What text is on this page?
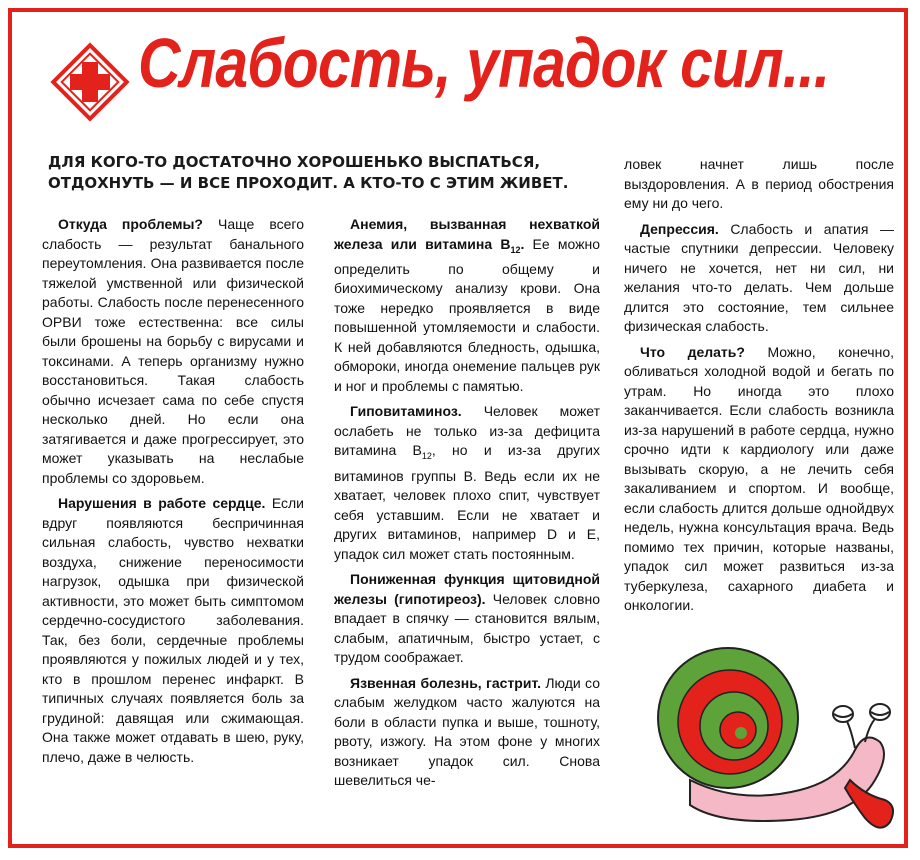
Слабость, упадок сил...

ДЛЯ КОГО-ТО ДОСТАТОЧНО ХОРОШЕНЬКО ВЫСПАТЬСЯ, ОТДОХНУТЬ — И ВСЕ ПРОХОДИТ. А КТО-ТО С ЭТИМ ЖИВЕТ.

Откуда проблемы? Чаще всего слабость — результат банального переутомления. Она развивается после тяжелой умственной или физической работы. Слабость после перенесенного ОРВИ тоже естественна: все силы были брошены на борьбу с вирусами и токсинами. А теперь организму нужно восстановиться. Такая слабость обычно исчезает сама по себе спустя несколько дней. Но если она затягивается и даже прогрессирует, это может указывать на неслабые проблемы со здоровьем.

Нарушения в работе сердце. Если вдруг появляются беспричинная сильная слабость, чувство нехватки воздуха, снижение переносимости нагрузок, одышка при физической активности, это может быть симптомом сердечно-сосудистого заболевания. Так, без боли, сердечные проблемы проявляются у пожилых людей и у тех, кто в прошлом перенес инфаркт. В типичных случаях появляется боль за грудиной: давящая или сжимающая. Она также может отдавать в шею, руку, плечо, даже в челюсть.

Анемия, вызванная нехваткой железа или витамина $В_{12}$. Ее можно определить по общему и биохимическому анализу крови. Она тоже нередко проявляется в виде повышенной утомляемости и слабости. К ней добавляются бледность, одышка, обмороки, иногда онемение пальцев рук и ног и проблемы с памятью.

Гиповитаминоз. Человек может ослабеть не только из-за дефицита витамина $В_{12}$, но и из-за других витаминов группы В. Ведь если их не хватает, человек плохо спит, чувствует себя уставшим. Если не хватает и других витаминов, например D и E, упадок сил может стать постоянным.

Пониженная функция щитовидной железы (гипотиреоз). Человек словно впадает в спячку — становится вялым, слабым, апатичным, быстро устает, с трудом соображает.

Язвенная болезнь, гастрит. Люди со слабым желудком часто жалуются на боли в области пупка и выше, тошноту, рвоту, изжогу. На этом фоне у многих возникает упадок сил. Снова шевелиться че-

ловек начнет лишь после выздоровления. А в период обострения ему ни до чего.

Депрессия. Слабость и апатия — частые спутники депрессии. Человеку ничего не хочется, нет ни сил, ни желания что-то делать. Чем дольше длится это состояние, тем сильнее физическая слабость.

Что делать? Можно, конечно, обливаться холодной водой и бегать по утрам. Но иногда это плохо заканчивается. Если слабость возникла из-за нарушений в работе сердца, нужно срочно идти к кардиологу или даже вызывать скорую, а не лечить себя закаливанием и спортом. И вообще, если слабость длится дольше однойдвух недель, нужна консультация врача. Ведь помимо тех причин, которые названы, упадок сил может развиться из-за туберкулеза, сахарного диабета и онкологии.
